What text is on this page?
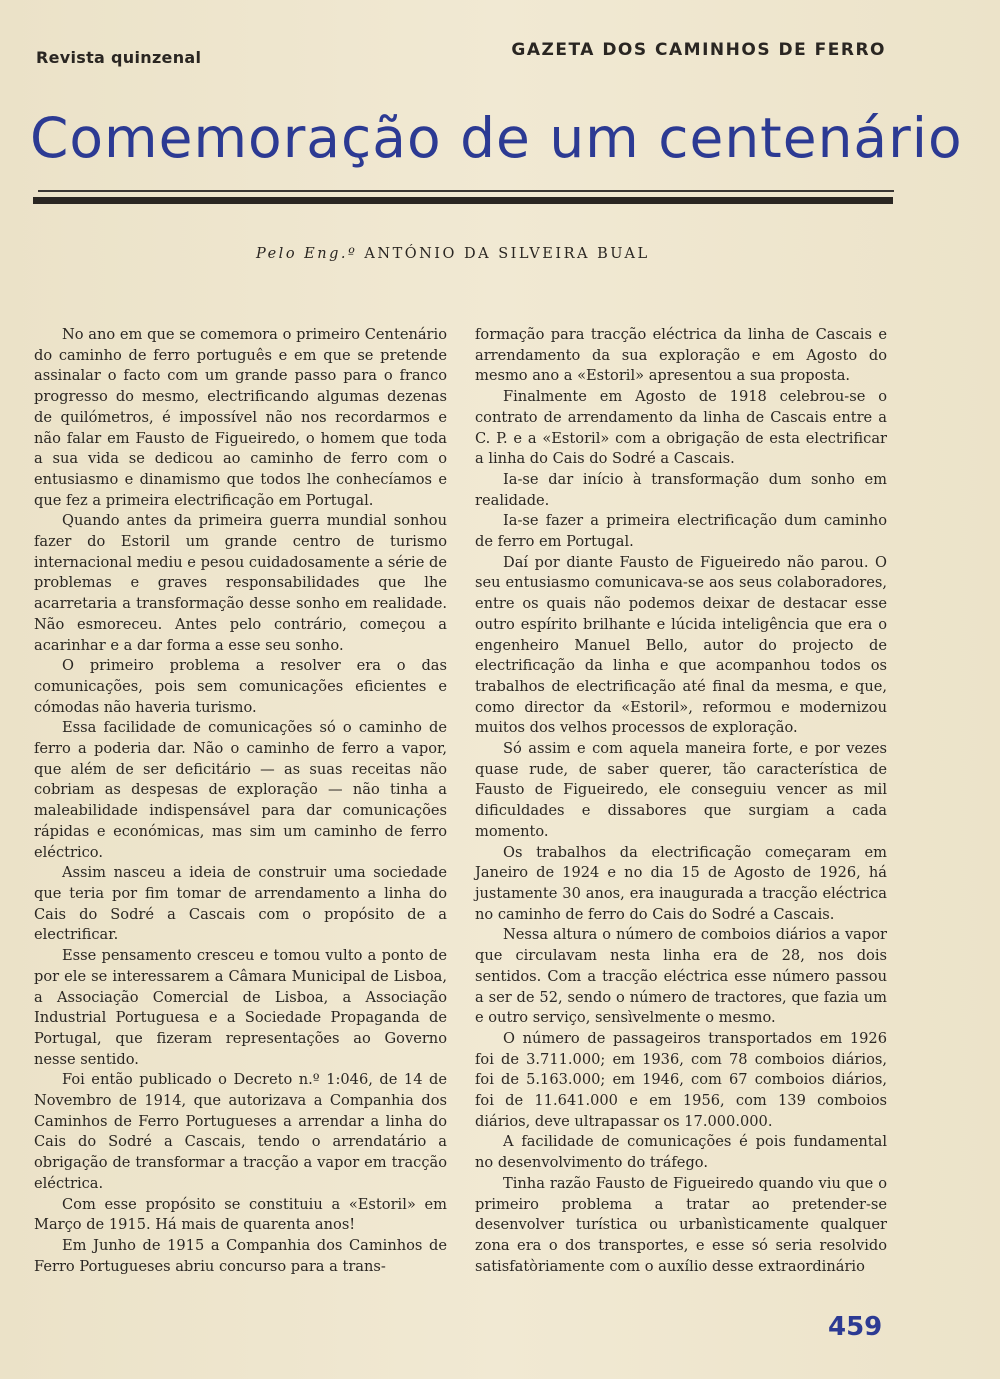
Revista quinzenal	GAZETA DOS CAMINHOS DE FERRO
Comemoração de um centenário
Pelo Eng.º ANTÓNIO DA SILVEIRA BUAL

No ano em que se comemora o primeiro Centenário do caminho de ferro português e em que se pretende assinalar o facto com um grande passo para o franco progresso do mesmo, electrificando algumas dezenas de quilómetros, é impossível não nos recordarmos e não falar em Fausto de Figueiredo, o homem que toda a sua vida se dedicou ao caminho de ferro com o entusiasmo e dinamismo que todos lhe conhecíamos e que fez a primeira electrificação em Portugal.

Quando antes da primeira guerra mundial sonhou fazer do Estoril um grande centro de turismo internacional mediu e pesou cuidadosamente a série de problemas e graves responsabilidades que lhe acarretaria a transformação desse sonho em realidade. Não esmoreceu. Antes pelo contrário, começou a acarinhar e a dar forma a esse seu sonho.

O primeiro problema a resolver era o das comunicações, pois sem comunicações eficientes e cómodas não haveria turismo.

Essa facilidade de comunicações só o caminho de ferro a poderia dar. Não o caminho de ferro a vapor, que além de ser deficitário — as suas receitas não cobriam as despesas de exploração — não tinha a maleabilidade indispensável para dar comunicações rápidas e económicas, mas sim um caminho de ferro eléctrico.

Assim nasceu a ideia de construir uma sociedade que teria por fim tomar de arrendamento a linha do Cais do Sodré a Cascais com o propósito de a electrificar.

Esse pensamento cresceu e tomou vulto a ponto de por ele se interessarem a Câmara Municipal de Lisboa, a Associação Comercial de Lisboa, a Associação Industrial Portuguesa e a Sociedade Propaganda de Portugal, que fizeram representações ao Governo nesse sentido.

Foi então publicado o Decreto n.º 1:046, de 14 de Novembro de 1914, que autorizava a Companhia dos Caminhos de Ferro Portugueses a arrendar a linha do Cais do Sodré a Cascais, tendo o arrendatário a obrigação de transformar a tracção a vapor em tracção eléctrica.

Com esse propósito se constituiu a «Estoril» em Março de 1915. Há mais de quarenta anos!

Em Junho de 1915 a Companhia dos Caminhos de Ferro Portugueses abriu concurso para a trans-

formação para tracção eléctrica da linha de Cascais e arrendamento da sua exploração e em Agosto do mesmo ano a «Estoril» apresentou a sua proposta.

Finalmente em Agosto de 1918 celebrou-se o contrato de arrendamento da linha de Cascais entre a C. P. e a «Estoril» com a obrigação de esta electrificar a linha do Cais do Sodré a Cascais.

Ia-se dar início à transformação dum sonho em realidade.

Ia-se fazer a primeira electrificação dum caminho de ferro em Portugal.

Daí por diante Fausto de Figueiredo não parou. O seu entusiasmo comunicava-se aos seus colaboradores, entre os quais não podemos deixar de destacar esse outro espírito brilhante e lúcida inteligência que era o engenheiro Manuel Bello, autor do projecto de electrificação da linha e que acompanhou todos os trabalhos de electrificação até final da mesma, e que, como director da «Estoril», reformou e modernizou muitos dos velhos processos de exploração.

Só assim e com aquela maneira forte, e por vezes quase rude, de saber querer, tão característica de Fausto de Figueiredo, ele conseguiu vencer as mil dificuldades e dissabores que surgiam a cada momento.

Os trabalhos da electrificação começaram em Janeiro de 1924 e no dia 15 de Agosto de 1926, há justamente 30 anos, era inaugurada a tracção eléctrica no caminho de ferro do Cais do Sodré a Cascais.

Nessa altura o número de comboios diários a vapor que circulavam nesta linha era de 28, nos dois sentidos. Com a tracção eléctrica esse número passou a ser de 52, sendo o número de tractores, que fazia um e outro serviço, sensìvelmente o mesmo.

O número de passageiros transportados em 1926 foi de 3.711.000; em 1936, com 78 comboios diários, foi de 5.163.000; em 1946, com 67 comboios diários, foi de 11.641.000 e em 1956, com 139 comboios diários, deve ultrapassar os 17.000.000.

A facilidade de comunicações é pois fundamental no desenvolvimento do tráfego.

Tinha razão Fausto de Figueiredo quando viu que o primeiro problema a tratar ao pretender-se desenvolver turística ou urbanìsticamente qualquer zona era o dos transportes, e esse só seria resolvido satisfatòriamente com o auxílio desse extraordinário

459
